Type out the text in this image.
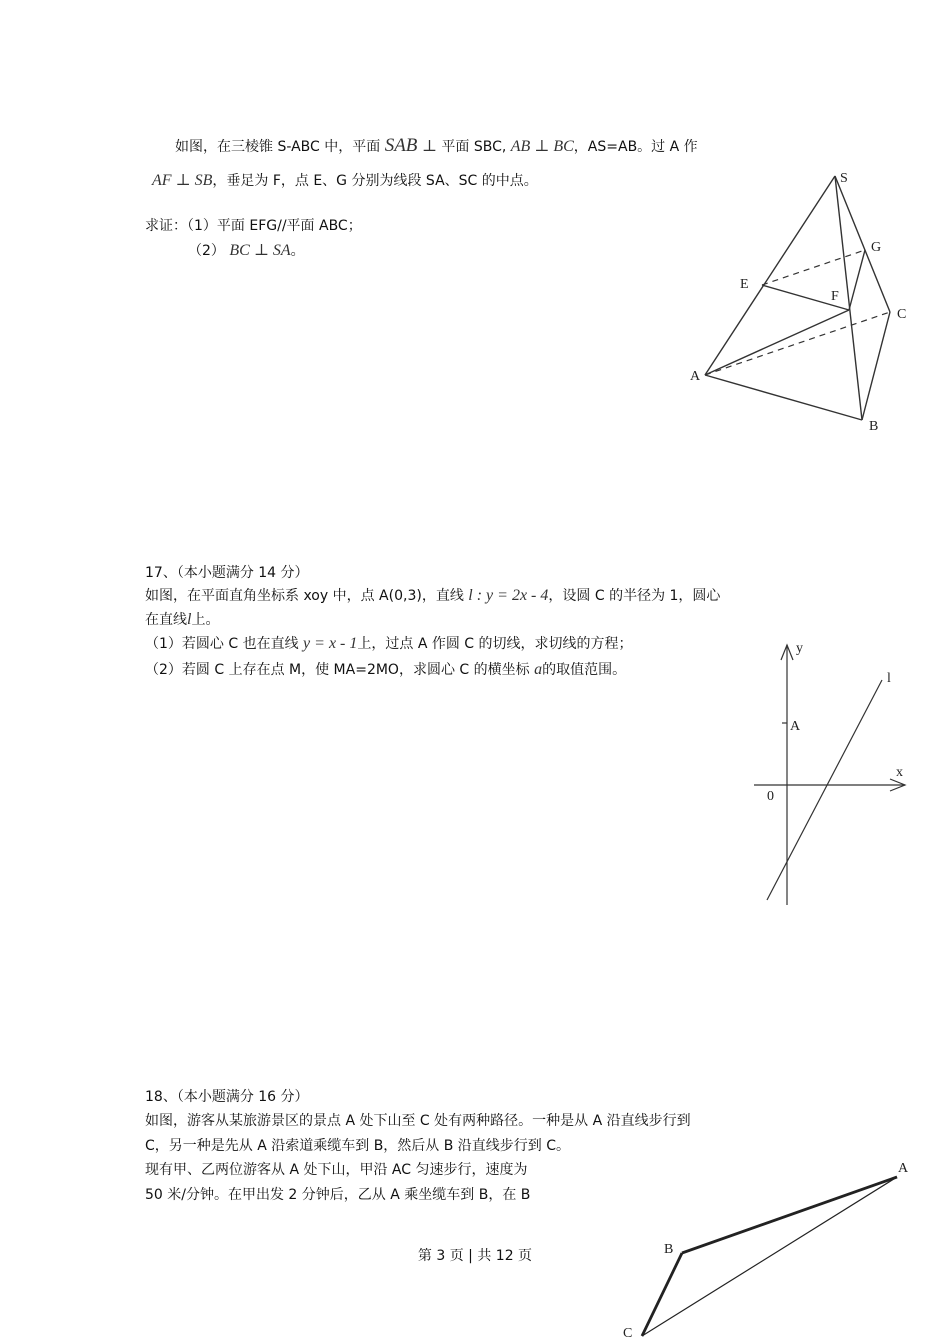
如图，在三棱锥 S-ABC 中，平面 SAB ⊥ 平面 SBC, AB ⊥ BC，AS=AB。过 A 作
AF ⊥ SB，垂足为 F，点 E、G 分别为线段 SA、SC 的中点。
求证：（1）平面 EFG//平面 ABC；
（2） BC ⊥ SA。
S
G
E
F
C
A
B
17、（本小题满分 14 分）
如图，在平面直角坐标系 xoy 中，点 A(0,3)，直线 l : y = 2x - 4，设圆 C 的半径为 1，圆心
在直线l上。
（1）若圆心 C 也在直线 y = x - 1上，过点 A 作圆 C 的切线，求切线的方程；
（2）若圆 C 上存在点 M，使 MA=2MO，求圆心 C 的横坐标 a的取值范围。
y
l
A
x
0
18、（本小题满分 16 分）
如图，游客从某旅游景区的景点 A 处下山至 C 处有两种路径。一种是从 A 沿直线步行到
C，另一种是先从 A 沿索道乘缆车到 B，然后从 B 沿直线步行到 C。
现有甲、乙两位游客从 A 处下山，甲沿 AC 匀速步行，速度为
50 米/分钟。在甲出发 2 分钟后，乙从 A 乘坐缆车到 B，在 B
A
B
C
第 3 页 | 共 12 页
